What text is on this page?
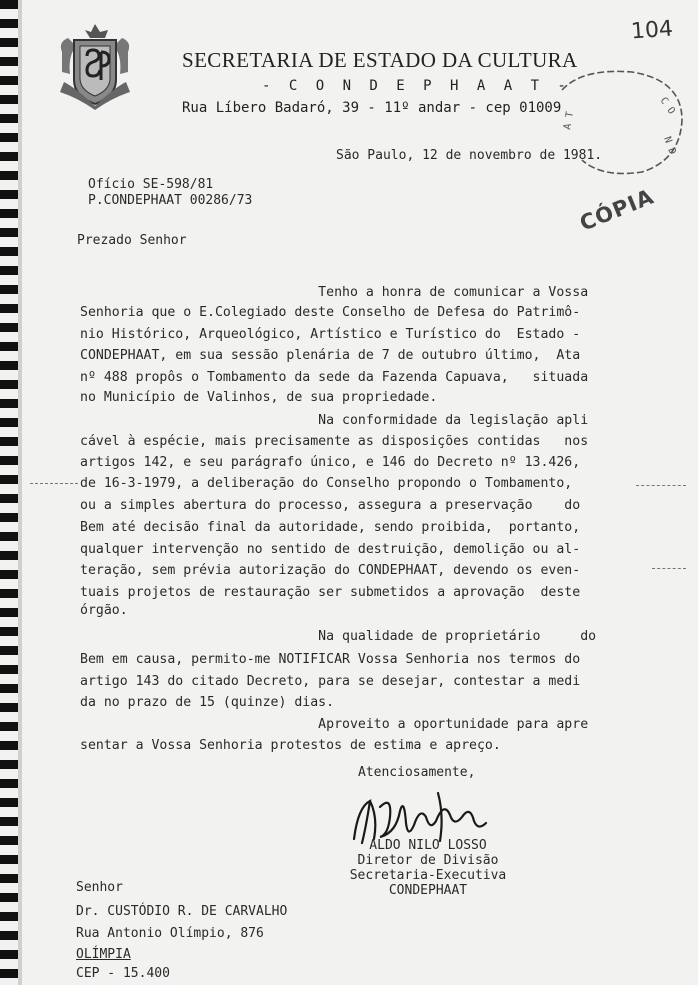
SECRETARIA DE ESTADO DA CULTURA
- C O N D E P H A A T -
Rua Líbero Badaró, 39 - 11º andar - cep 01009
104
C O
N D
A T
São Paulo, 12 de novembro de 1981.
Ofício SE-598/81
P.CONDEPHAAT 00286/73	CÓPIA
Prezado Senhor
Tenho a honra de comunicar a Vossa
Senhoria que o E.Colegiado deste Conselho de Defesa do Patrimô-
nio Histórico, Arqueológico, Artístico e Turístico do  Estado -
CONDEPHAAT, em sua sessão plenária de 7 de outubro último,  Ata
nº 488 propôs o Tombamento da sede da Fazenda Capuava,   situada
no Município de Valinhos, de sua propriedade.
Na conformidade da legislação apli
cável à espécie, mais precisamente as disposições contidas   nos
artigos 142, e seu parágrafo único, e 146 do Decreto nº 13.426,
de 16-3-1979, a deliberação do Conselho propondo o Tombamento,
ou a simples abertura do processo, assegura a preservação    do
Bem até decisão final da autoridade, sendo proibida,  portanto,
qualquer intervenção no sentido de destruição, demolição ou al-
teração, sem prévia autorização do CONDEPHAAT, devendo os even-
tuais projetos de restauração ser submetidos a aprovação  deste
órgão.
Na qualidade de proprietário     do
Bem em causa, permito-me NOTIFICAR Vossa Senhoria nos termos do
artigo 143 do citado Decreto, para se desejar, contestar a medi
da no prazo de 15 (quinze) dias.
Aproveito a oportunidade para apre
sentar a Vossa Senhoria protestos de estima e apreço.
Atenciosamente,
ALDO NILO LOSSO
Diretor de Divisão
Secretaria-Executiva
CONDEPHAAT
Senhor
Dr. CUSTÓDIO R. DE CARVALHO
Rua Antonio Olímpio, 876
OLÍMPIA
CEP - 15.400
